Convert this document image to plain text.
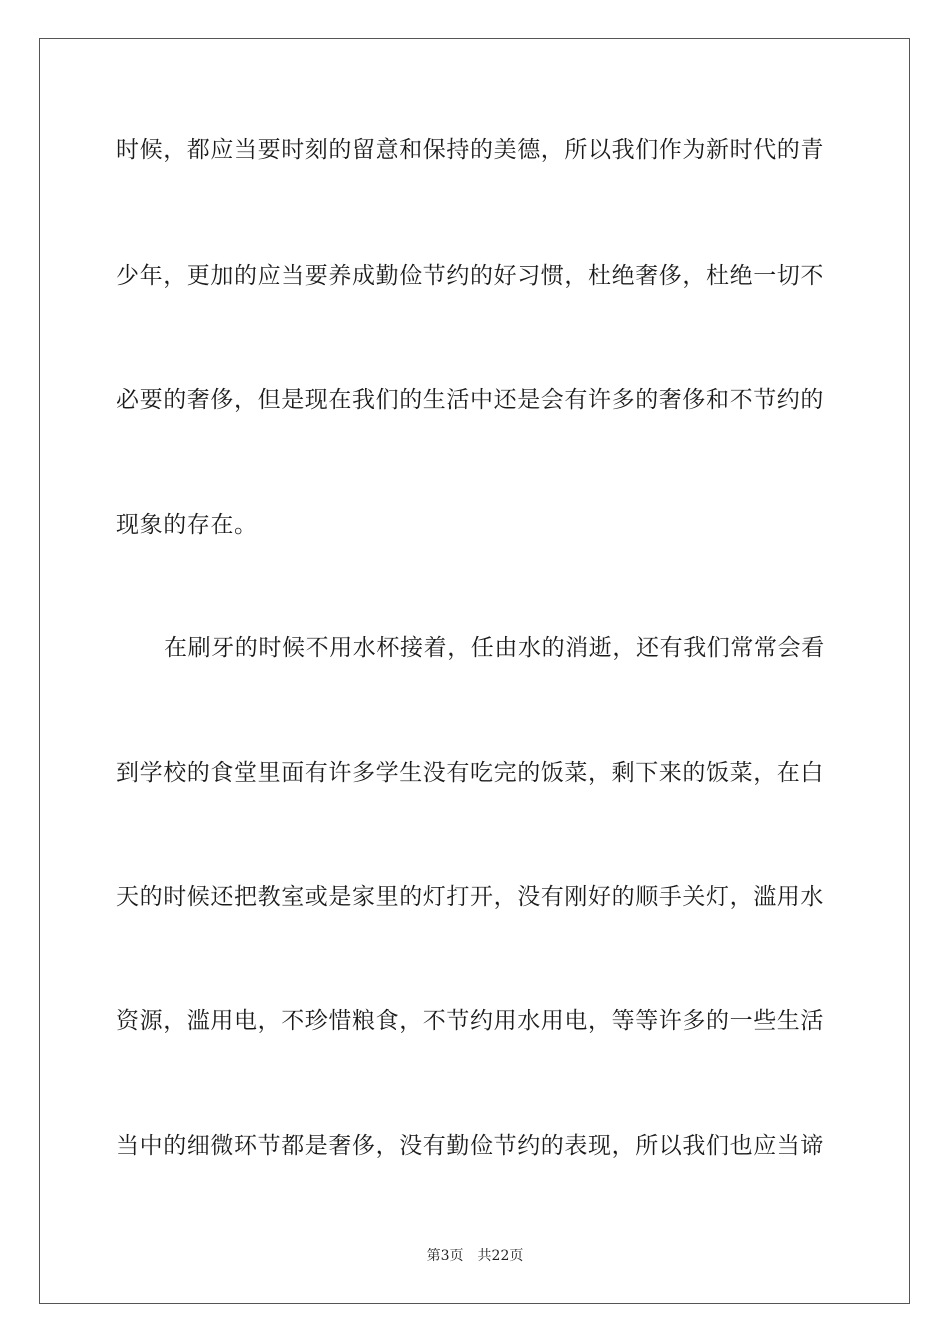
时候，都应当要时刻的留意和保持的美德，所以我们作为新时代的青
少年，更加的应当要养成勤俭节约的好习惯，杜绝奢侈，杜绝一切不
必要的奢侈，但是现在我们的生活中还是会有许多的奢侈和不节约的
现象的存在。
在刷牙的时候不用水杯接着，任由水的消逝，还有我们常常会看
到学校的食堂里面有许多学生没有吃完的饭菜，剩下来的饭菜，在白
天的时候还把教室或是家里的灯打开，没有刚好的顺手关灯，滥用水
资源，滥用电，不珍惜粮食，不节约用水用电，等等许多的一些生活
当中的细微环节都是奢侈，没有勤俭节约的表现，所以我们也应当谛
第3页　共22页
